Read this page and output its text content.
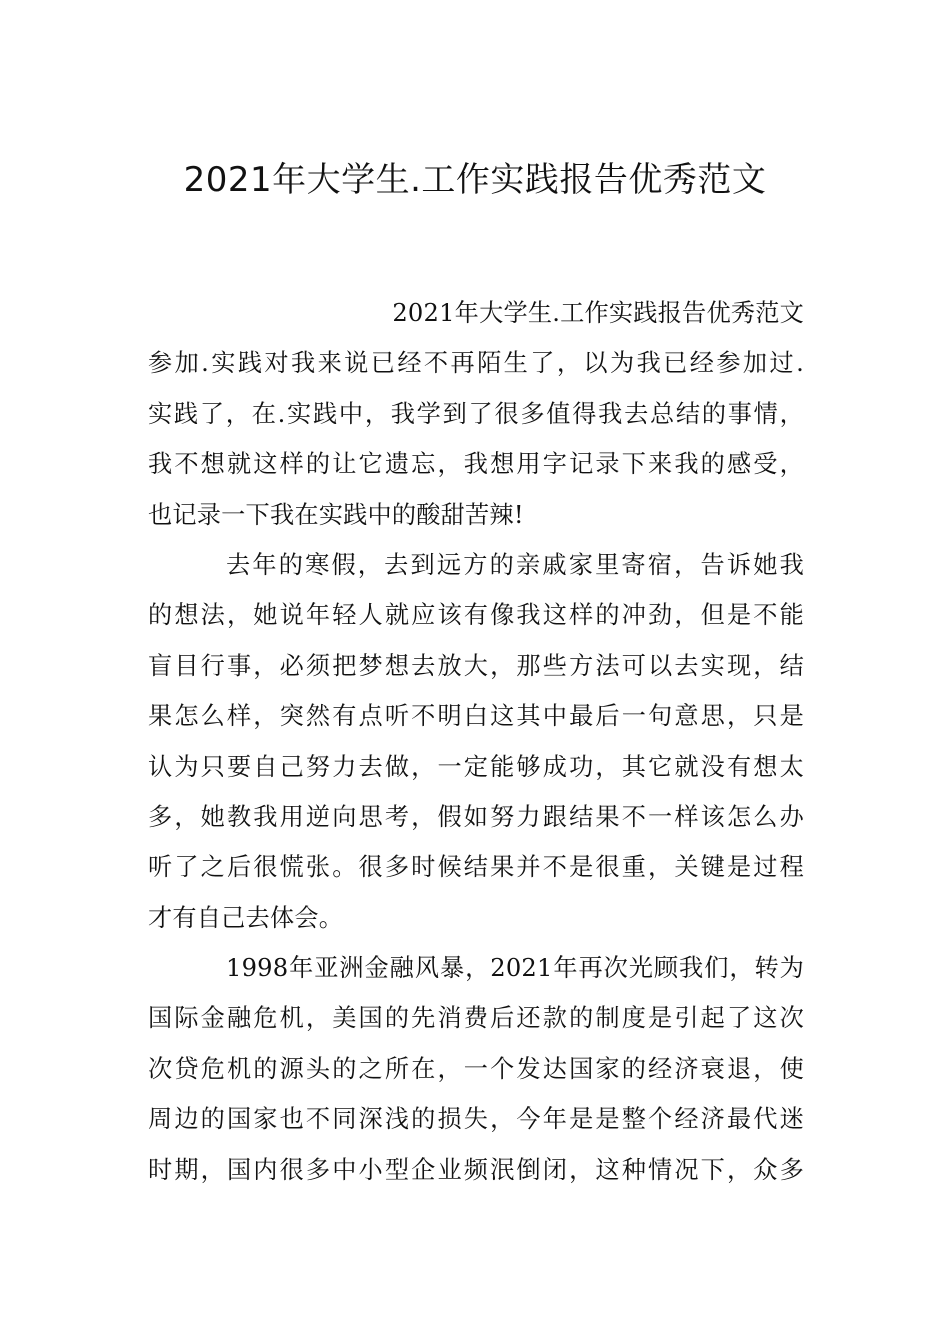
2021年大学生.工作实践报告优秀范文
2021年大学生.工作实践报告优秀范文
参加.实践对我来说已经不再陌生了，以为我已经参加过.
实践了，在.实践中，我学到了很多值得我去总结的事情，
我不想就这样的让它遗忘，我想用字记录下来我的感受，
也记录一下我在实践中的酸甜苦辣!
去年的寒假，去到远方的亲戚家里寄宿，告诉她我
的想法，她说年轻人就应该有像我这样的冲劲，但是不能
盲目行事，必须把梦想去放大，那些方法可以去实现，结
果怎么样，突然有点听不明白这其中最后一句意思，只是
认为只要自己努力去做，一定能够成功，其它就没有想太
多，她教我用逆向思考，假如努力跟结果不一样该怎么办
听了之后很慌张。很多时候结果并不是很重，关键是过程
才有自己去体会。
1998年亚洲金融风暴，2021年再次光顾我们，转为
国际金融危机，美国的先消费后还款的制度是引起了这次
次贷危机的源头的之所在，一个发达国家的经济衰退，使
周边的国家也不同深浅的损失，今年是是整个经济最代迷
时期，国内很多中小型企业频泯倒闭，这种情况下，众多
